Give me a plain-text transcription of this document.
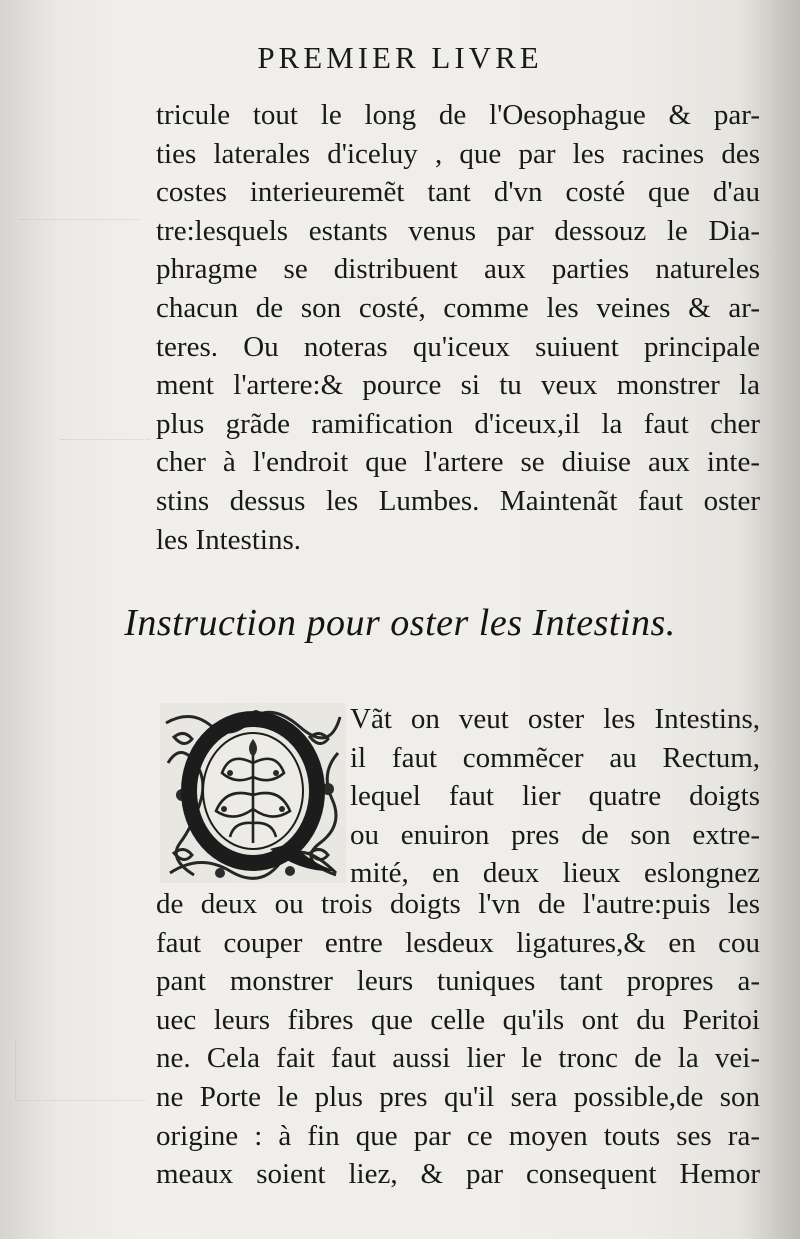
PREMIER LIVRE
tricule tout le long de l'Oesophague & par-
ties laterales d'iceluy , que par les racines des
costes interieuremẽt tant d'vn costé que d'au
tre:lesquels estants venus par dessouz le Dia-
phragme se distribuent aux parties natureles
chacun de son costé, comme les veines & ar-
teres. Ou noteras qu'iceux suiuent principale
ment l'artere:& pource si tu veux monstrer la
plus grãde ramification d'iceux,il la faut cher
cher à l'endroit que l'artere se diuise aux inte-
stins dessus les Lumbes. Maintenãt faut oster
les Intestins.
Instruction pour oster les Intestins.
Vãt on veut oster les Intestins,
il faut commẽcer au Rectum,
lequel faut lier quatre doigts
ou enuiron pres de son extre-
mité, en deux lieux eslongnez
de deux ou trois doigts l'vn de l'autre:puis les
faut couper entre lesdeux ligatures,& en cou
pant monstrer leurs tuniques tant propres a-
uec leurs fibres que celle qu'ils ont du Peritoi
ne. Cela fait faut aussi lier le tronc de la vei-
ne Porte le plus pres qu'il sera possible,de son
origine : à fin que par ce moyen touts ses ra-
meaux soient liez, & par consequent Hemor
